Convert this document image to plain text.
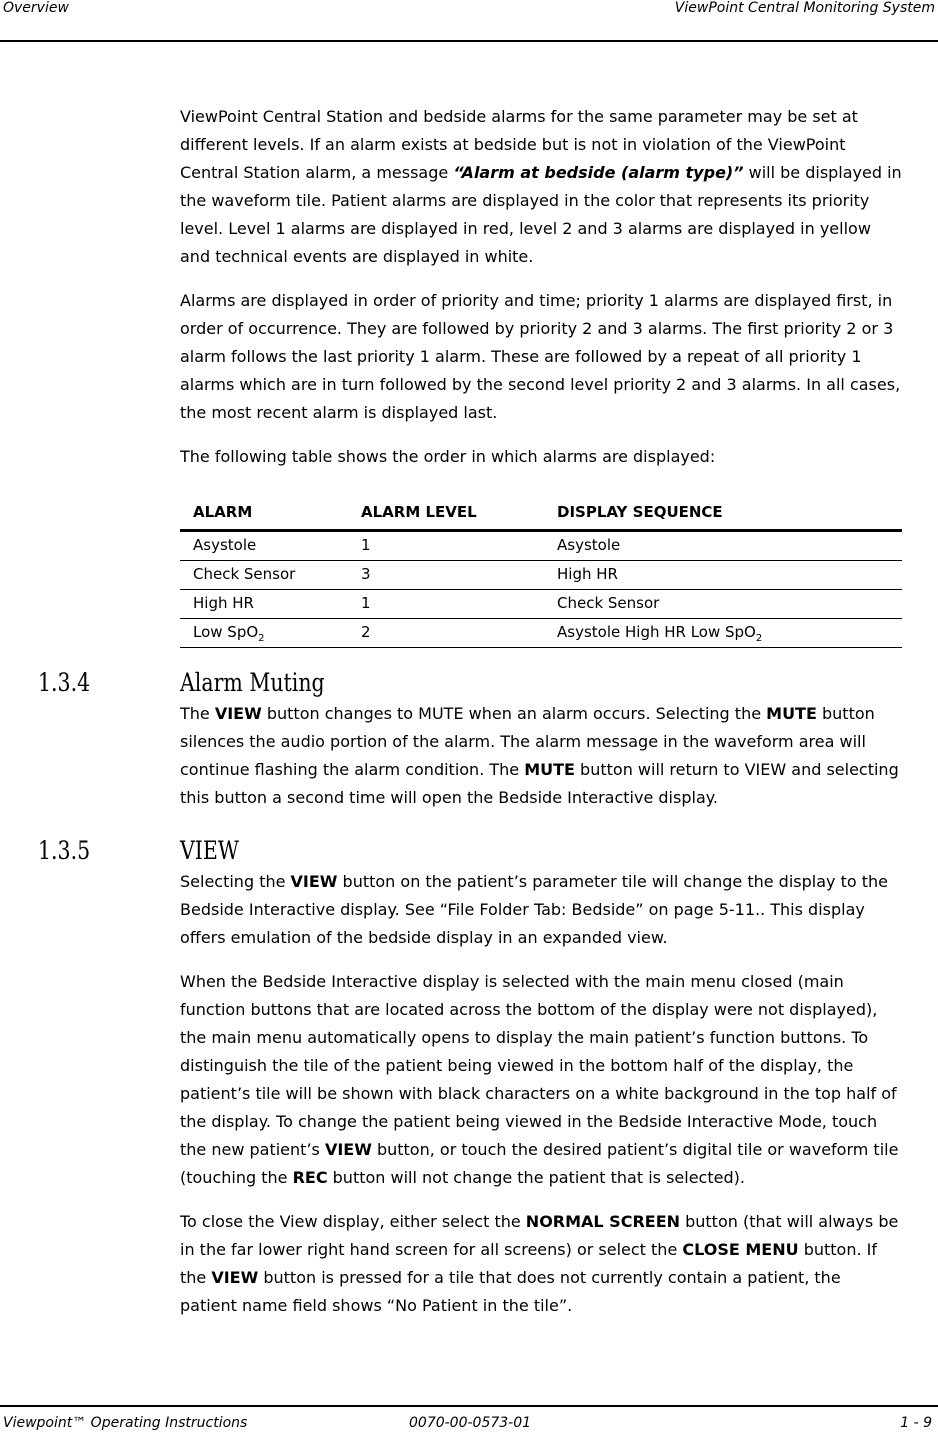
Overview	ViewPoint Central Monitoring System

ViewPoint Central Station and bedside alarms for the same parameter may be set at different levels. If an alarm exists at bedside but is not in violation of the ViewPoint Central Station alarm, a message “Alarm at bedside (alarm type)” will be displayed in the waveform tile. Patient alarms are displayed in the color that represents its priority level. Level 1 alarms are displayed in red, level 2 and 3 alarms are displayed in yellow and technical events are displayed in white.

Alarms are displayed in order of priority and time; priority 1 alarms are displayed first, in order of occurrence. They are followed by priority 2 and 3 alarms. The first priority 2 or 3 alarm follows the last priority 1 alarm. These are followed by a repeat of all priority 1 alarms which are in turn followed by the second level priority 2 and 3 alarms. In all cases, the most recent alarm is displayed last.

The following table shows the order in which alarms are displayed:

ALARM	ALARM LEVEL	DISPLAY SEQUENCE
Asystole	1	Asystole
Check Sensor	3	High HR
High HR	1	Check Sensor
Low SpO$_2$	2	Asystole High HR Low SpO$_2$
1.3.4	Alarm Muting

The VIEW button changes to MUTE when an alarm occurs. Selecting the MUTE button silences the audio portion of the alarm. The alarm message in the waveform area will continue flashing the alarm condition. The MUTE button will return to VIEW and selecting this button a second time will open the Bedside Interactive display.

1.3.5	VIEW

Selecting the VIEW button on the patient’s parameter tile will change the display to the Bedside Interactive display. See “File Folder Tab: Bedside” on page 5-11.. This display offers emulation of the bedside display in an expanded view.

When the Bedside Interactive display is selected with the main menu closed (main function buttons that are located across the bottom of the display were not displayed), the main menu automatically opens to display the main patient’s function buttons. To distinguish the tile of the patient being viewed in the bottom half of the display, the patient’s tile will be shown with black characters on a white background in the top half of the display. To change the patient being viewed in the Bedside Interactive Mode, touch the new patient’s VIEW button, or touch the desired patient’s digital tile or waveform tile (touching the REC button will not change the patient that is selected).

To close the View display, either select the NORMAL SCREEN button (that will always be in the far lower right hand screen for all screens) or select the CLOSE MENU button. If the VIEW button is pressed for a tile that does not currently contain a patient, the patient name field shows “No Patient in the tile”.

Viewpoint™ Operating Instructions	0070-00-0573-01	1 - 9
